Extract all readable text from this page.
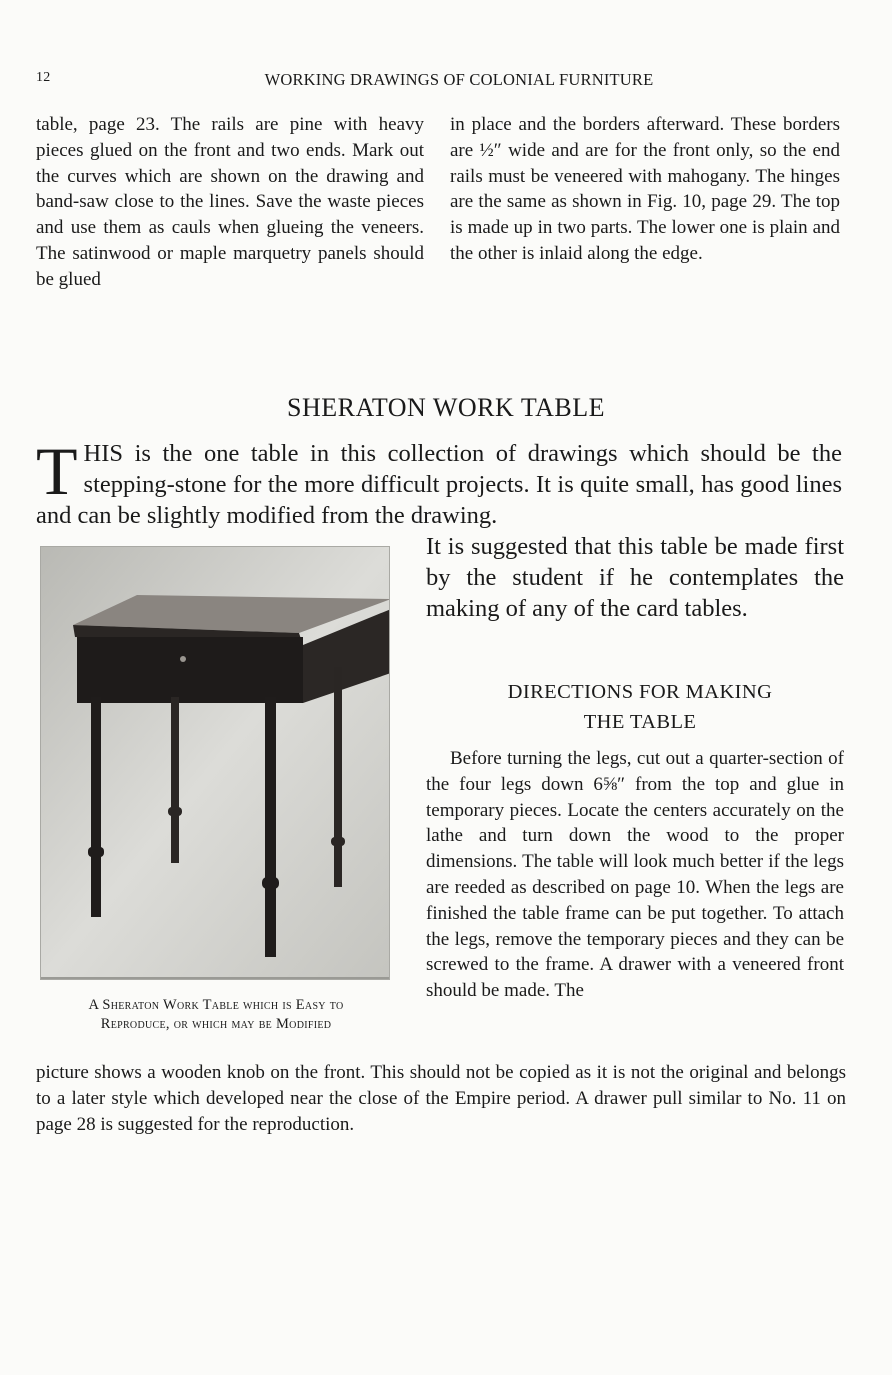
12	WORKING DRAWINGS OF COLONIAL FURNITURE

table, page 23. The rails are pine with heavy pieces glued on the front and two ends. Mark out the curves which are shown on the drawing and band-saw close to the lines. Save the waste pieces and use them as cauls when glueing the veneers. The satinwood or maple marquetry panels should be glued

in place and the borders afterward. These borders are ½″ wide and are for the front only, so the end rails must be veneered with mahogany. The hinges are the same as shown in Fig. 10, page 29. The top is made up in two parts. The lower one is plain and the other is inlaid along the edge.

SHERATON WORK TABLE
T HIS is the one table in this collection of drawings which should be the stepping-stone for the more difficult projects. It is quite small, has good lines and can be slightly modified from the drawing.
A Sheraton Work Table which is Easy to
Reproduce, or which may be Modified

It is suggested that this table be made first by the student if he contemplates the making of any of the card tables.

DIRECTIONS FOR MAKING
THE TABLE

Before turning the legs, cut out a quarter-section of the four legs down 6⅝″ from the top and glue in temporary pieces. Locate the centers accurately on the lathe and turn down the wood to the proper dimensions. The table will look much better if the legs are reeded as described on page 10. When the legs are finished the table frame can be put together. To attach the legs, remove the temporary pieces and they can be screwed to the frame. A drawer with a veneered front should be made. The

picture shows a wooden knob on the front. This should not be copied as it is not the original and belongs to a later style which developed near the close of the Empire period. A drawer pull similar to No. 11 on page 28 is suggested for the reproduction.
